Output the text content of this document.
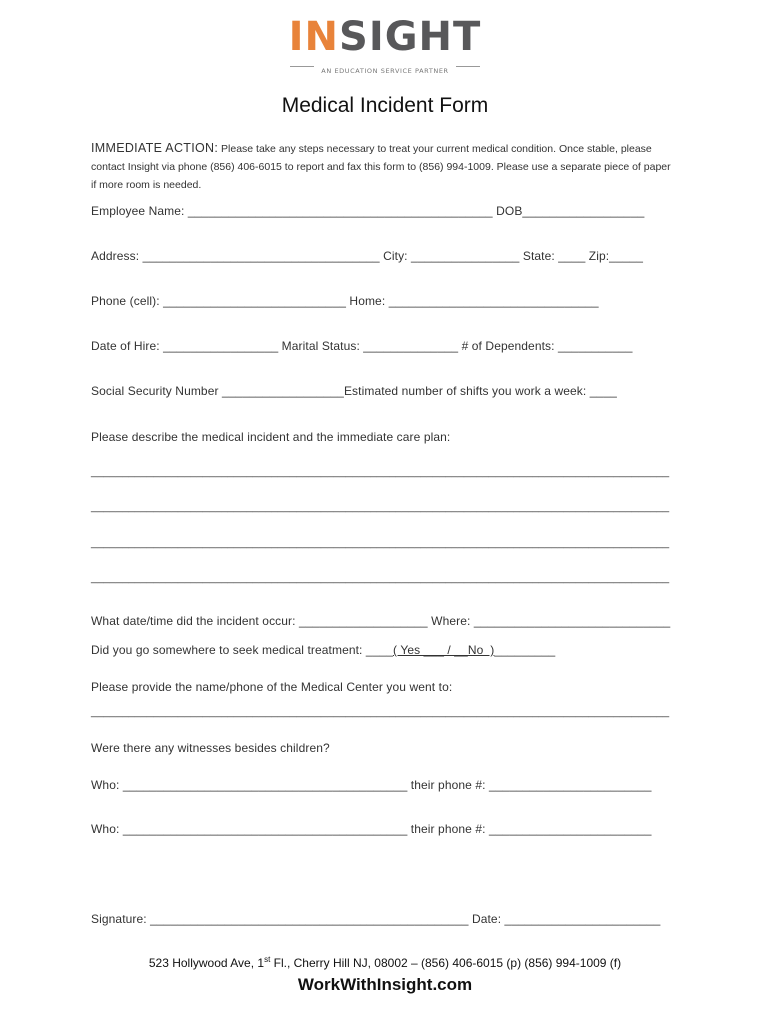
INSIGHT
AN EDUCATION SERVICE PARTNER
Medical Incident Form
IMMEDIATE ACTION: Please take any steps necessary to treat your current medical condition. Once stable, please contact Insight via phone (856) 406-6015 to report and fax this form to (856) 994-1009. Please use a separate piece of paper if more room is needed.
Employee Name: _____________________________________________ DOB__________________
Address: ___________________________________ City: ________________ State: ____ Zip:_____
Phone (cell): ___________________________ Home: _______________________________
Date of Hire: _________________ Marital Status: ______________ # of Dependents: ___________
Social Security Number __________________Estimated number of shifts you work a week: ____
Please describe the medical incident and the immediate care plan:
_____________________________________________________________________________________________
_____________________________________________________________________________________________
_____________________________________________________________________________________________
_____________________________________________________________________________________________
What date/time did the incident occur: ___________________ Where: _____________________________
Did you go somewhere to seek medical treatment: ____( Yes ___ / __No  )_________
Please provide the name/phone of the Medical Center you went to:
_____________________________________________________________________________________________
Were there any witnesses besides children?
Who: __________________________________________ their phone #: ________________________
Who: __________________________________________ their phone #: ________________________
Signature: _______________________________________________ Date: _______________________
523 Hollywood Ave, 1st Fl., Cherry Hill NJ, 08002 – (856) 406-6015 (p) (856) 994-1009 (f)
WorkWithInsight.com
